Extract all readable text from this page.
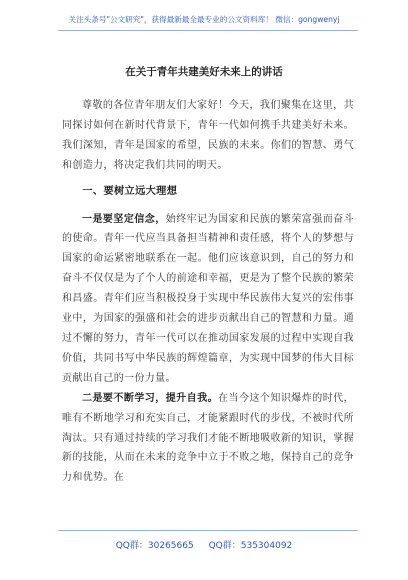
关注头条号"公文研究"，获得最新最全最专业的公文资料库！ 微信：gongwenyj
在关于青年共建美好未来上的讲话

尊敬的各位青年朋友们大家好！今天，我们聚集在这里，共同探讨如何在新时代背景下，青年一代如何携手共建美好未来。我们深知，青年是国家的希望，民族的未来。你们的智慧、勇气和创造力，将决定我们共同的明天。

一、要树立远大理想

一是要坚定信念，始终牢记为国家和民族的繁荣富强而奋斗的使命。青年一代应当具备担当精神和责任感，将个人的梦想与国家的命运紧密地联系在一起。他们应该意识到，自己的努力和奋斗不仅仅是为了个人的前途和幸福，更是为了整个民族的繁荣和昌盛。青年们应当积极投身于实现中华民族伟大复兴的宏伟事业中，为国家的强盛和社会的进步贡献出自己的智慧和力量。通过不懈的努力，青年一代可以在推动国家发展的过程中实现自我价值，共同书写中华民族的辉煌篇章，为实现中国梦的伟大目标贡献出自己的一份力量。

二是要不断学习，提升自我。在当今这个知识爆炸的时代，唯有不断地学习和充实自己，才能紧跟时代的步伐，不被时代所淘汰。只有通过持续的学习我们才能不断地吸收新的知识，掌握新的技能，从而在未来的竞争中立于不败之地，保持自己的竞争力和优势。在

QQ群：30265665 QQ群：535304092
